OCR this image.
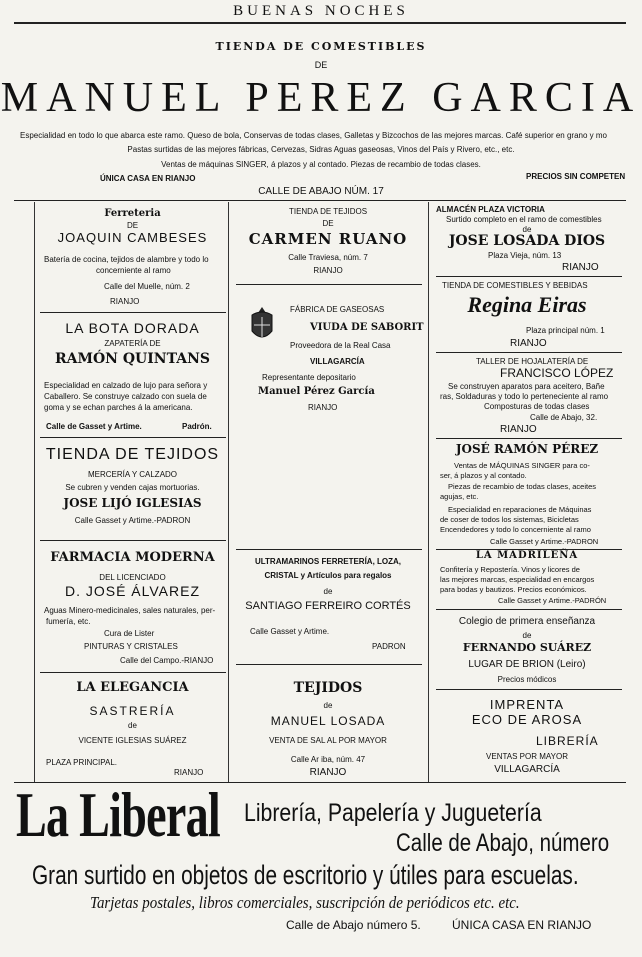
BUENAS NOCHES
TIENDA DE COMESTIBLES
DE
MANUEL PEREZ GARCIA
Especialidad en todo lo que abarca este ramo. Queso de bola, Conservas de todas clases, Galletas y Bizcochos de las mejores marcas. Café superior en grano y mo
Pastas surtidas de las mejores fábricas, Cervezas, Sidras Aguas gaseosas, Vinos del País y Rivero, etc., etc.
Ventas de máquinas SINGER, á plazos y al contado. Piezas de recambio de todas clases.
ÚNICA CASA EN RIANJO	PRECIOS SIN COMPETEN
CALLE DE ABAJO NÚM. 17
Ferreteria
DE
JOAQUIN CAMBESES
Batería de cocina, tejidos de alambre y todo lo
concerniente al ramo
Calle del Muelle, núm. 2
RIANJO
LA BOTA DORADA
ZAPATERÍA DE
RAMÓN QUINTANS
Especialidad en calzado de lujo para señora y
Caballero. Se construye calzado con suela de
goma y se echan parches á la americana.
Calle de Gasset y Artime.	Padrón.
TIENDA DE TEJIDOS
MERCERÍA Y CALZADO
Se cubren y venden cajas mortuorias.
JOSE LIJÓ IGLESIAS
Calle Gasset y Artime.-PADRON
FARMACIA MODERNA
DEL LICENCIADO
D. JOSÉ ÁLVAREZ
Aguas Minero-medicinales, sales naturales, per-
fumería, etc.
Cura de Lister
PINTURAS Y CRISTALES
Calle del Campo.-RIANJO
LA ELEGANCIA
SASTRERÍA
de
VICENTE IGLESIAS SUÁREZ
PLAZA PRINCIPAL.
RIANJO
TIENDA DE TEJIDOS
DE
CARMEN RUANO
Calle Traviesa, núm. 7
RIANJO
FÁBRICA DE GASEOSAS
VIUDA DE SABORIT
Proveedora de la Real Casa
VILLAGARCÍA
Representante depositario
Manuel Pérez García
RIANJO
ULTRAMARINOS FERRETERÍA, LOZA,
CRISTAL y Artículos para regalos
de
SANTIAGO FERREIRO CORTÉS
Calle Gasset y Artime.
PADRON
TEJIDOS
de
MANUEL LOSADA
VENTA DE SAL AL POR MAYOR
Calle Ar iba, núm. 47
RIANJO
ALMACÉN PLAZA VICTORIA
Surtido completo en el ramo de comestibles
de
JOSE LOSADA DIOS
Plaza Vieja, núm. 13
RIANJO
TIENDA DE COMESTIBLES Y BEBIDAS
Regina Eiras
Plaza principal núm. 1
RIANJO
TALLER DE HOJALATERÍA DE
FRANCISCO LÓPEZ
Se construyen aparatos para aceitero, Bañe
ras, Soldaduras y todo lo perteneciente al ramo
Composturas de todas clases
Calle de Abajo, 32.
RIANJO
JOSÉ RAMÓN PÉREZ
Ventas de MÁQUINAS SINGER para co-
ser, á plazos y al contado.
Piezas de recambio de todas clases, aceites
agujas, etc.
Especialidad en reparaciones de Máquinas
de coser de todos los sistemas, Bicicletas
Encendedores y todo lo concerniente al ramo
Calle Gasset y Artime.-PADRON
LA MADRILEÑA
Confitería y Repostería. Vinos y licores de
las mejores marcas, especialidad en encargos
para bodas y bautizos. Precios económicos.
Calle Gasset y Artime.-PADRÓN
Colegio de primera enseñanza
de
FERNANDO SUÁREZ
LUGAR DE BRION (Leiro)
Precios módicos
IMPRENTA
ECO DE AROSA
LIBRERÍA
VENTAS POR MAYOR
VILLAGARCÍA
La Liberal Librería, Papelería y Juguetería
Calle de Abajo, número
Gran surtido en objetos de escritorio y útiles para escuelas.
Tarjetas postales, libros comerciales, suscripción de periódicos etc. etc.
Calle de Abajo número 5.	ÚNICA CASA EN RIANJO
